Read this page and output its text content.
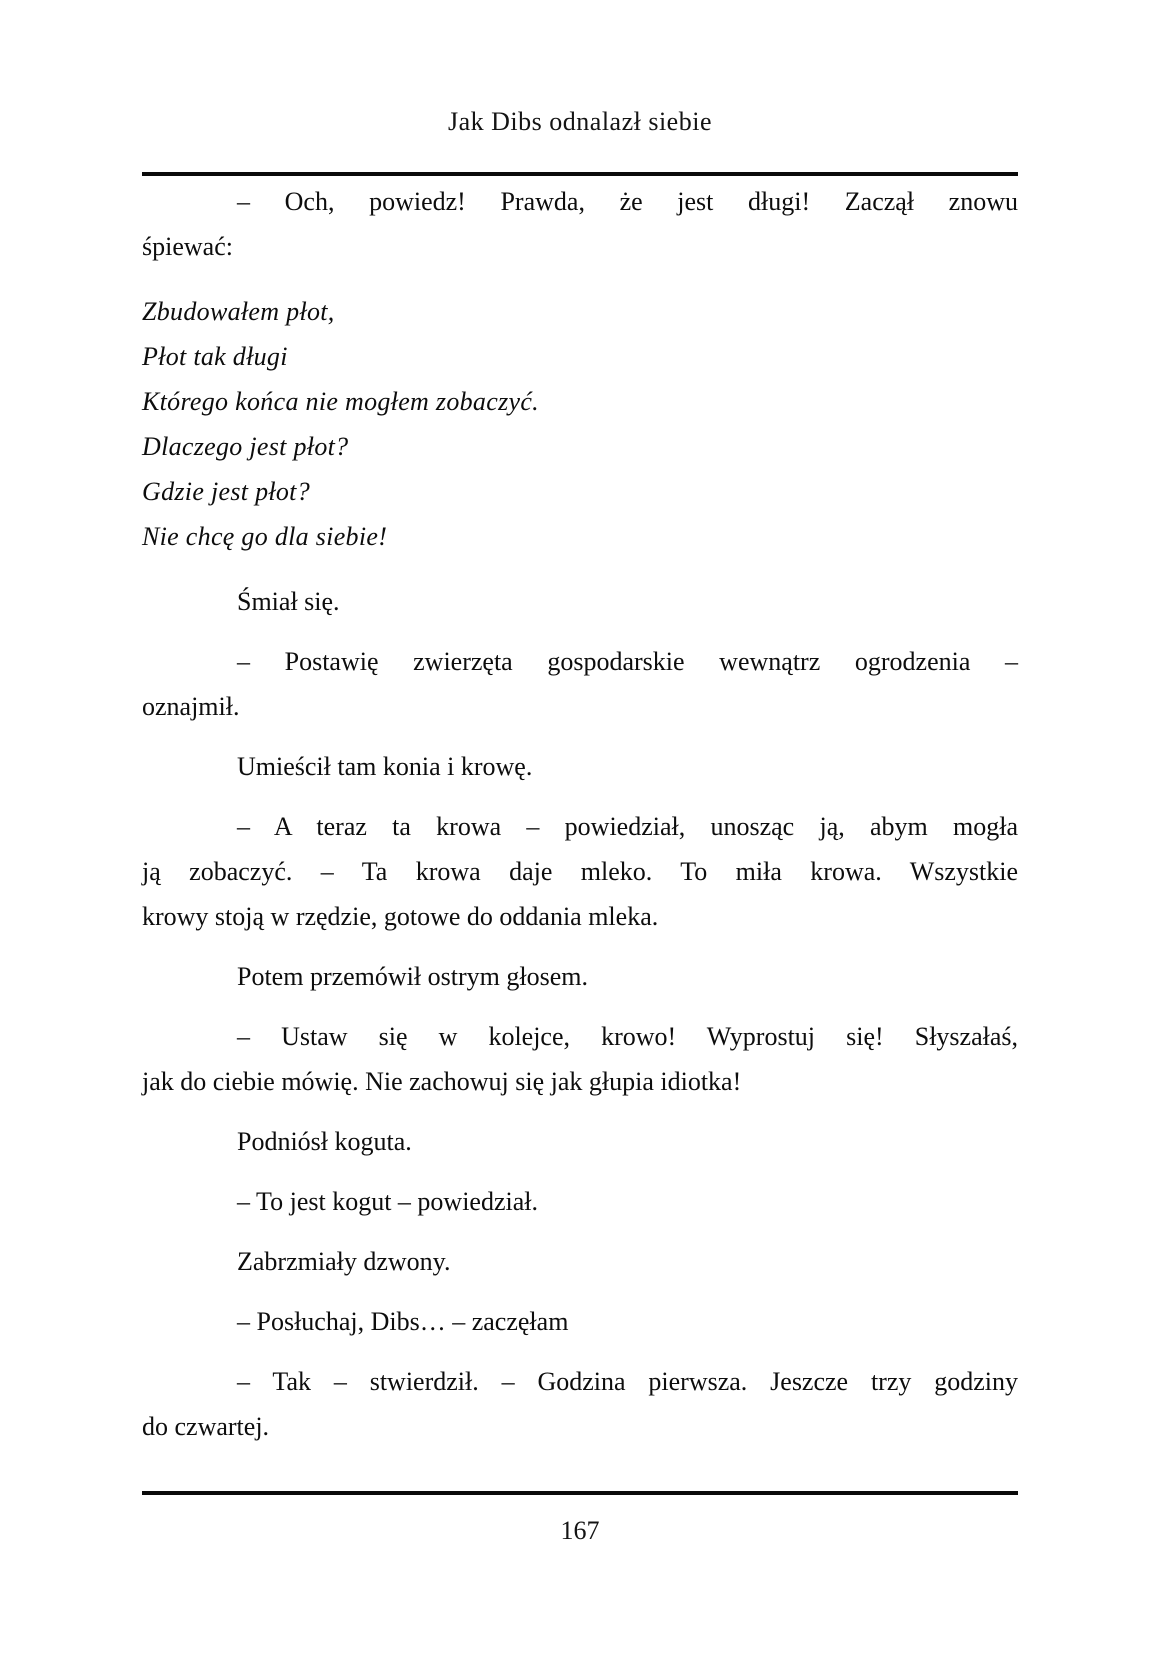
Jak Dibs odnalazł siebie
– Och, powiedz! Prawda, że jest długi! Zaczął znowu
śpiewać:
Zbudowałem płot,
Płot tak długi
Którego końca nie mogłem zobaczyć.
Dlaczego jest płot?
Gdzie jest płot?
Nie chcę go dla siebie!
Śmiał się.
– Postawię zwierzęta gospodarskie wewnątrz ogrodzenia –
oznajmił.
Umieścił tam konia i krowę.
– A teraz ta krowa – powiedział, unosząc ją, abym mogła
ją zobaczyć. – Ta krowa daje mleko. To miła krowa. Wszystkie
krowy stoją w rzędzie, gotowe do oddania mleka.
Potem przemówił ostrym głosem.
– Ustaw się w kolejce, krowo! Wyprostuj się! Słyszałaś,
jak do ciebie mówię. Nie zachowuj się jak głupia idiotka!
Podniósł koguta.
– To jest kogut – powiedział.
Zabrzmiały dzwony.
– Posłuchaj, Dibs… – zaczęłam
– Tak – stwierdził. – Godzina pierwsza. Jeszcze trzy godziny
do czwartej.
167
